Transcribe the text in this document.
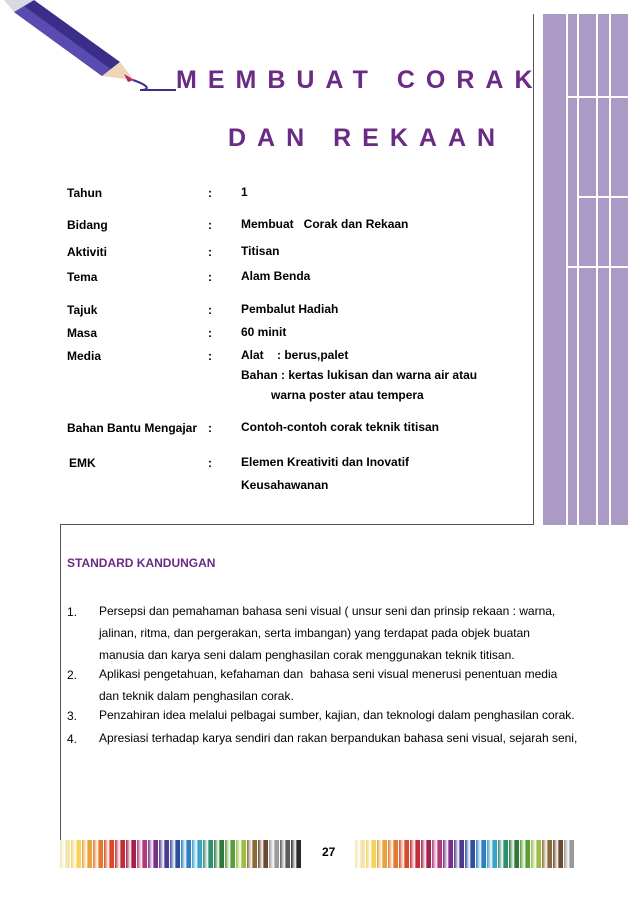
MEMBUAT CORAK
DAN REKAAN
Tahun	: 1
Bidang	: Membuat   Corak dan Rekaan
Aktiviti	: Titisan
Tema	: Alam Benda
Tajuk	: Pembalut Hadiah
Masa	: 60 minit
Media	: Alat    : berus,palet
Bahan : kertas lukisan dan warna air atau
warna poster atau tempera
Bahan Bantu Mengajar : Contoh-contoh corak teknik titisan
EMK	: Elemen Kreativiti dan Inovatif
Keusahawanan
STANDARD KANDUNGAN
1. Persepsi dan pemahaman bahasa seni visual ( unsur seni dan prinsip rekaan : warna,
jalinan, ritma, dan pergerakan, serta imbangan) yang terdapat pada objek buatan
manusia dan karya seni dalam penghasilan corak menggunakan teknik titisan.
2. Aplikasi pengetahuan, kefahaman dan  bahasa seni visual menerusi penentuan media
dan teknik dalam penghasilan corak.
3. Penzahiran idea melalui pelbagai sumber, kajian, dan teknologi dalam penghasilan corak.
4. Apresiasi terhadap karya sendiri dan rakan berpandukan bahasa seni visual, sejarah seni,
27
